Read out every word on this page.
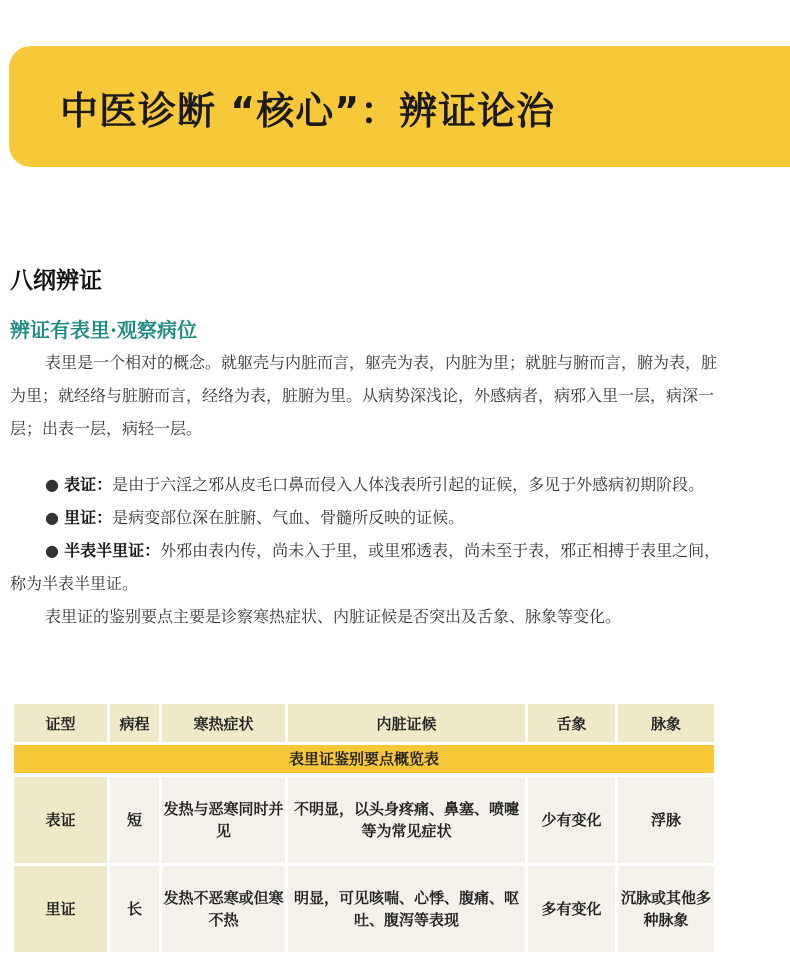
中医诊断 “核心”：辨证论治
八纲辨证
辨证有表里·观察病位
表里是一个相对的概念。就躯壳与内脏而言，躯壳为表，内脏为里；就脏与腑而言，腑为表，脏为里；就经络与脏腑而言，经络为表，脏腑为里。从病势深浅论，外感病者，病邪入里一层，病深一层；出表一层，病轻一层。
● 表证：是由于六淫之邪从皮毛口鼻而侵入人体浅表所引起的证候，多见于外感病初期阶段。
● 里证：是病变部位深在脏腑、气血、骨髓所反映的证候。
● 半表半里证：外邪由表内传，尚未入于里，或里邪透表，尚未至于表，邪正相搏于表里之间，称为半表半里证。
表里证的鉴别要点主要是诊察寒热症状、内脏证候是否突出及舌象、脉象等变化。
表里证鉴别要点概览表					
证型	病程	寒热症状	内脏证候	舌象	脉象
表证	短	发热与恶寒同时并见	不明显，以头身疼痛、鼻塞、喷嚏等为常见症状	少有变化	浮脉
里证	长	发热不恶寒或但寒不热	明显，可见咳喘、心悸、腹痛、呕吐、腹泻等表现	多有变化	沉脉或其他多种脉象
